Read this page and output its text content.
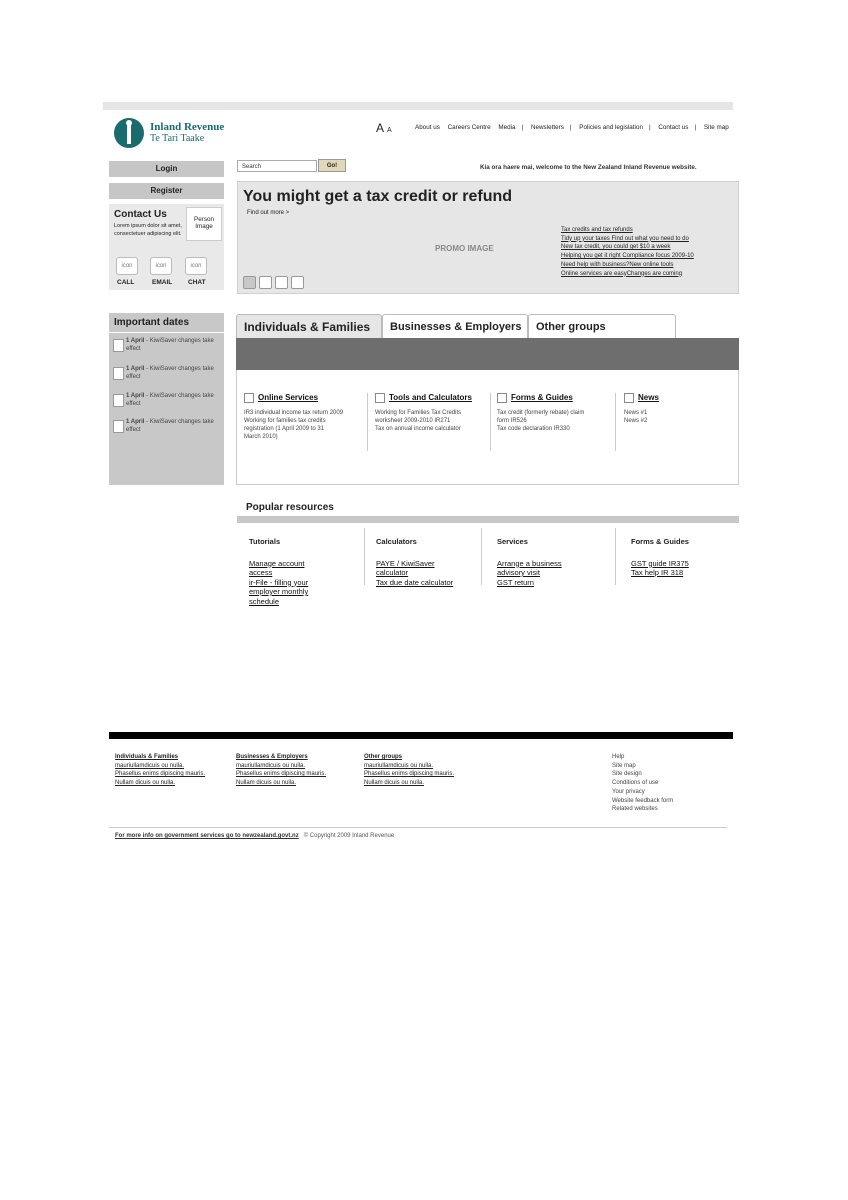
Inland Revenue
Te Tari Taake
A A	About us Careers Centre Media | Newsletters | Policies and legislation | Contact us | Site map
Login
Register
Contact Us

Lorem ipsum dolor sit amet, consectetuer adipiscing elit.

Person Image
icon	icon	icon
CALL	EMAIL CHAT
Important dates
1 April - KiwiSaver changes take effect
1 April - KiwiSaver changes take effect
1 April - KiwiSaver changes take effect
1 April - KiwiSaver changes take effect
Search	Go!	Kia ora haere mai, welcome to the New Zealand Inland Revenue website.
You might get a tax credit or refund
Find out more >
PROMO IMAGE
Tax credits and tax refunds
Tidy up your taxes Find out what you need to do
New tax credit, you could get $10 a week
Helping you get it right Compliance focus 2009-10
Need help with business?New online tools
Online services are easyChanges are coming
Individuals & Families	Businesses & Employers	Other groups
Online Services
IR3 individual income tax return 2009
Working for families tax credits
registration (1 April 2009 to 31
March 2010)
Tools and Calculators
Working for Families Tax Credits
worksheet 2009-2010 IR271
Tax on annual income calculator
Forms & Guides
Tax credit (formerly rebate) claim
form IR526
Tax code declaration IR330
News
News #1
News #2
Popular resources
Tutorials
Manage account access
ir-File - filling your employer monthly schedule
Calculators
PAYE / KiwiSaver calculator
Tax due date calculator
Services
Arrange a business advisory visit
GST return
Forms & Guides
GST guide IR375
Tax help IR 318
Individuals & Families
mauriullamdicuis ou nulla.
Phasellus enims dipiscing mauris.
Nullam dicuis ou nulla.
Businesses & Employers
mauriullamdicuis ou nulla.
Phasellus enims dipiscing mauris.
Nullam dicuis ou nulla.
Other groups
mauriullamdicuis ou nulla.
Phasellus enims dipiscing mauris.
Nullam dicuis ou nulla.
Help
Site map
Site design
Conditions of use
Your privacy
Website feedback form
Related websites
For more info on government services go to newzealand.govt.nz © Copyright 2009 Inland Revenue
